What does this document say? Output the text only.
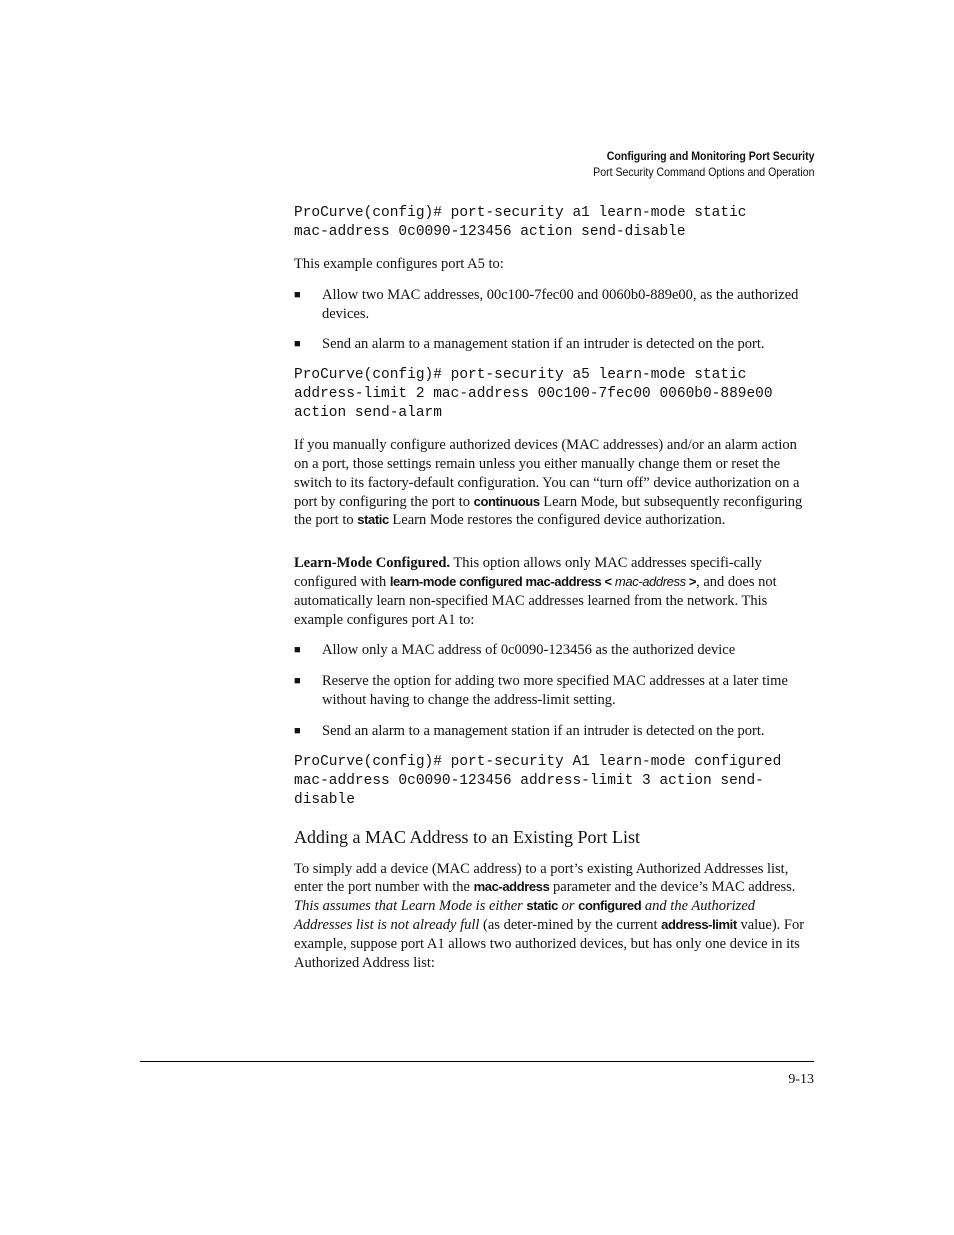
Configuring and Monitoring Port Security
Port Security Command Options and Operation
ProCurve(config)# port-security a1 learn-mode static
mac-address 0c0090-123456 action send-disable

This example configures port A5 to:

■	Allow two MAC addresses, 00c100-7fec00 and 0060b0-889e00, as the authorized devices.
■	Send an alarm to a management station if an intruder is detected on the port.
ProCurve(config)# port-security a5 learn-mode static
address-limit 2 mac-address 00c100-7fec00 0060b0-889e00
action send-alarm

If you manually configure authorized devices (MAC addresses) and/or an alarm action on a port, those settings remain unless you either manually change them or reset the switch to its factory-default configuration. You can “turn off” device authorization on a port by configuring the port to continuous Learn Mode, but subsequently reconfiguring the port to static Learn Mode restores the configured device authorization.

Learn-Mode Configured. This option allows only MAC addresses specifi-cally configured with learn-mode configured mac-address < mac-address >, and does not automatically learn non-specified MAC addresses learned from the network. This example configures port A1 to:

■	Allow only a MAC address of 0c0090-123456 as the authorized device
■	Reserve the option for adding two more specified MAC addresses at a later time without having to change the address-limit setting.
■	Send an alarm to a management station if an intruder is detected on the port.
ProCurve(config)# port-security A1 learn-mode configured
mac-address 0c0090-123456 address-limit 3 action send-
disable
Adding a MAC Address to an Existing Port List

To simply add a device (MAC address) to a port’s existing Authorized Addresses list, enter the port number with the mac-address parameter and the device’s MAC address. This assumes that Learn Mode is either static or configured and the Authorized Addresses list is not already full (as deter-mined by the current address-limit value). For example, suppose port A1 allows two authorized devices, but has only one device in its Authorized Address list:

9-13
